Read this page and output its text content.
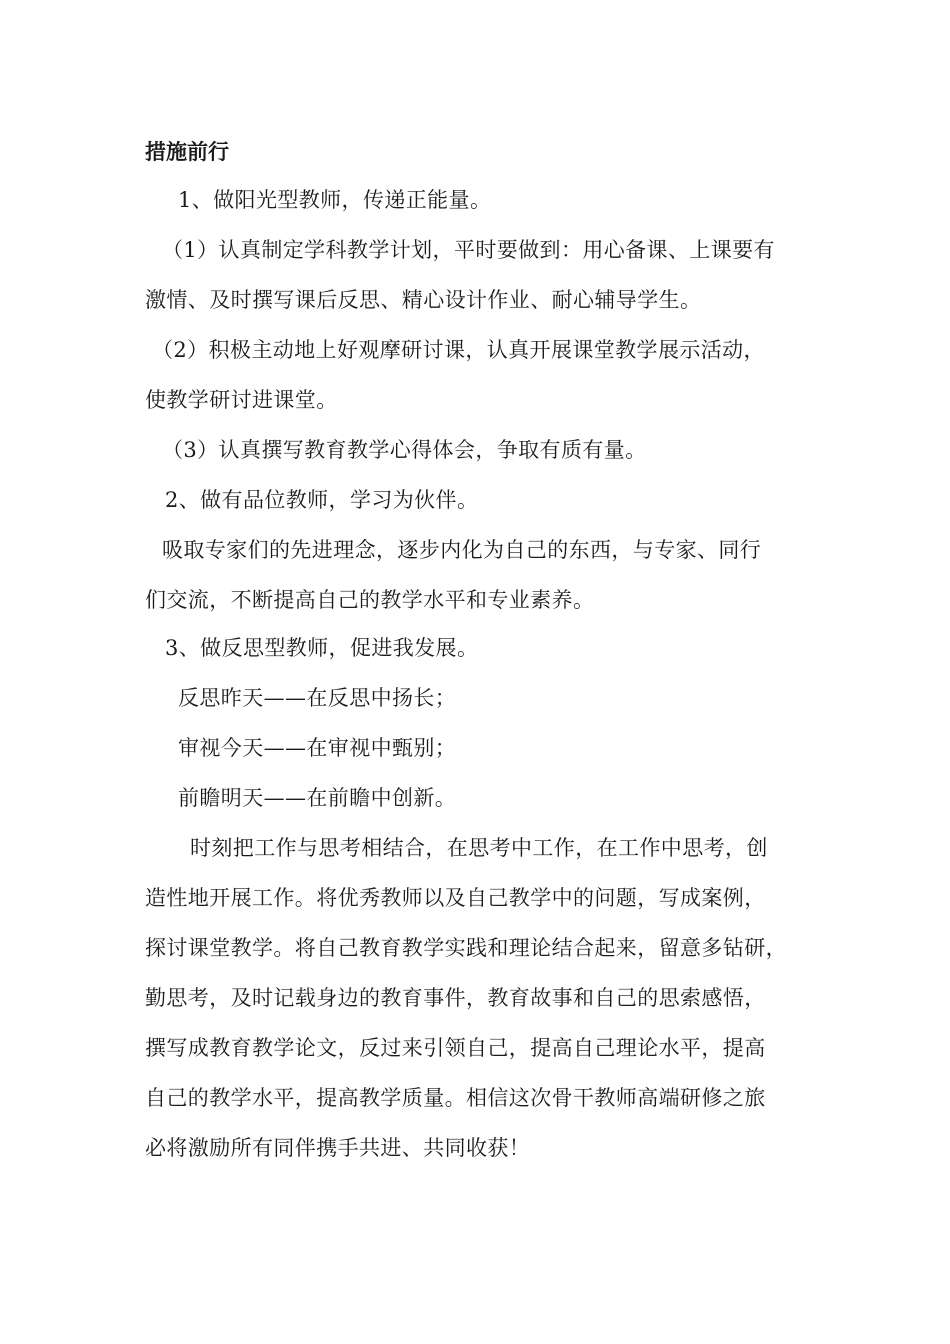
措施前行
1、做阳光型教师，传递正能量。
（1）认真制定学科教学计划，平时要做到：用心备课、上课要有
激情、及时撰写课后反思、精心设计作业、耐心辅导学生。
（2）积极主动地上好观摩研讨课，认真开展课堂教学展示活动，
使教学研讨进课堂。
（3）认真撰写教育教学心得体会，争取有质有量。
2、做有品位教师，学习为伙伴。
吸取专家们的先进理念，逐步内化为自己的东西，与专家、同行
们交流，不断提高自己的教学水平和专业素养。
3、做反思型教师，促进我发展。
反思昨天——在反思中扬长；
审视今天——在审视中甄别；
前瞻明天——在前瞻中创新。
时刻把工作与思考相结合，在思考中工作，在工作中思考，创
造性地开展工作。将优秀教师以及自己教学中的问题，写成案例，
探讨课堂教学。将自己教育教学实践和理论结合起来，留意多钻研，
勤思考，及时记载身边的教育事件，教育故事和自己的思索感悟，
撰写成教育教学论文，反过来引领自己，提高自己理论水平，提高
自己的教学水平，提高教学质量。相信这次骨干教师高端研修之旅
必将激励所有同伴携手共进、共同收获！
